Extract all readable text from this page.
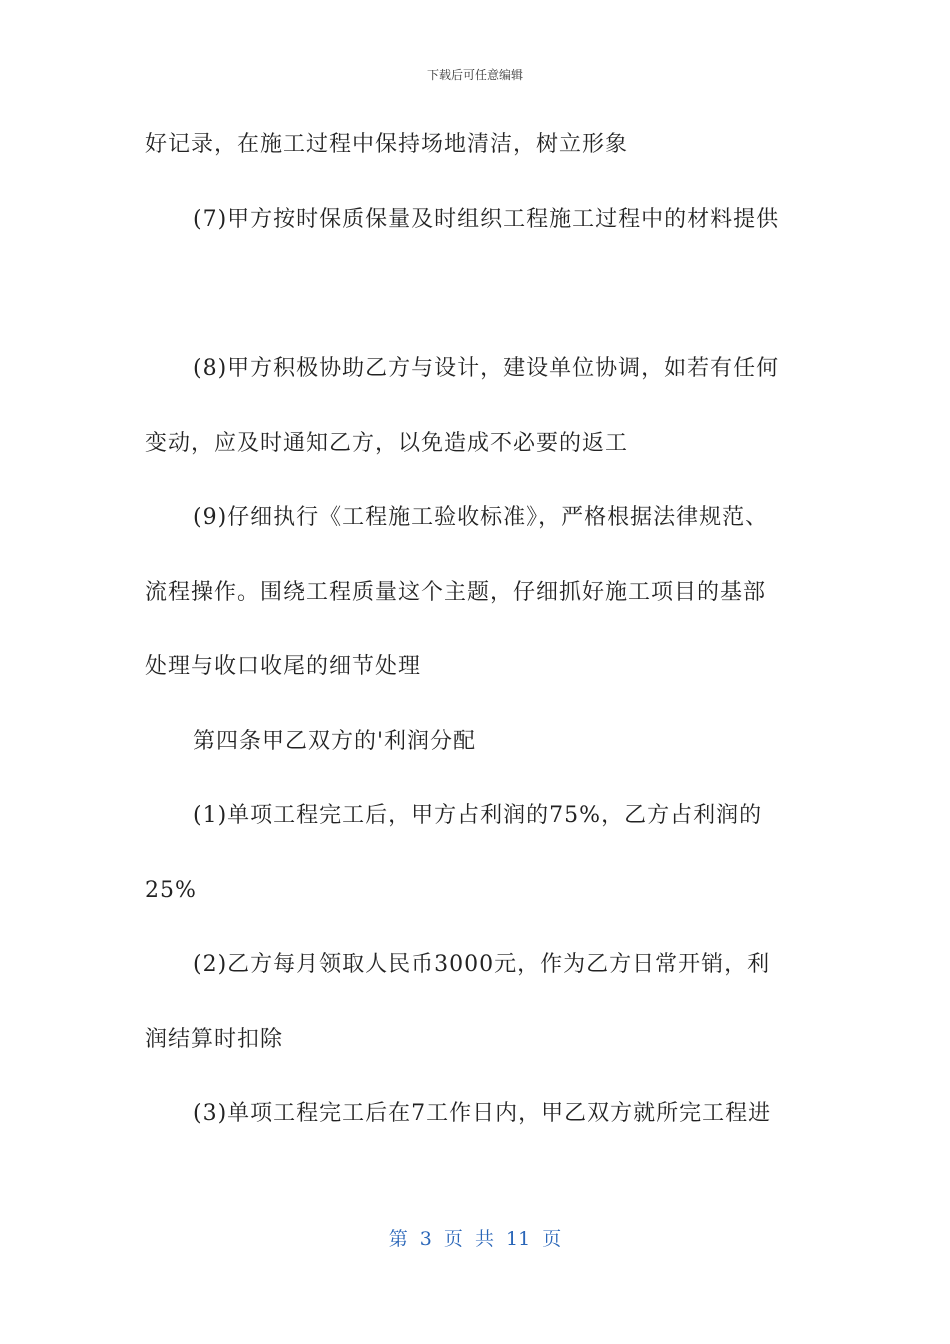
下载后可任意编辑
好记录，在施工过程中保持场地清洁，树立形象
(7)甲方按时保质保量及时组织工程施工过程中的材料提供
(8)甲方积极协助乙方与设计，建设单位协调，如若有任何
变动，应及时通知乙方，以免造成不必要的返工
(9)仔细执行《工程施工验收标准》，严格根据法律规范、
流程操作。围绕工程质量这个主题，仔细抓好施工项目的基部
处理与收口收尾的细节处理
第四条甲乙双方的'利润分配
(1)单项工程完工后，甲方占利润的75%，乙方占利润的
25%
(2)乙方每月领取人民币3000元，作为乙方日常开销，利
润结算时扣除
(3)单项工程完工后在7工作日内，甲乙双方就所完工程进
第 3 页 共 11 页
